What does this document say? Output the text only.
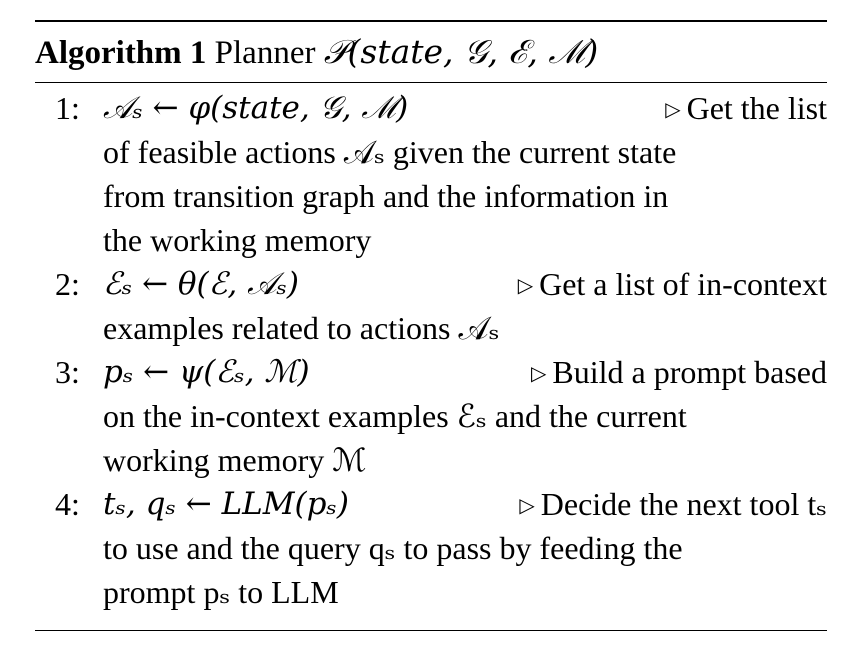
Algorithm 1 Planner 𝒫(state, 𝒢, ℰ, ℳ)
1: 𝒜ₛ ← φ(state, 𝒢, ℳ)	▷ Get the list
of feasible actions 𝒜ₛ given the current state
from transition graph and the information in
the working memory
2: ℰₛ ← θ(ℰ, 𝒜ₛ)	▷ Get a list of in-context
examples related to actions 𝒜ₛ
3: pₛ ← ψ(ℰₛ, ℳ)	▷ Build a prompt based
on the in-context examples ℰₛ and the current
working memory ℳ
4: tₛ, qₛ ← LLM(pₛ)	▷ Decide the next tool tₛ
to use and the query qₛ to pass by feeding the
prompt pₛ to LLM
